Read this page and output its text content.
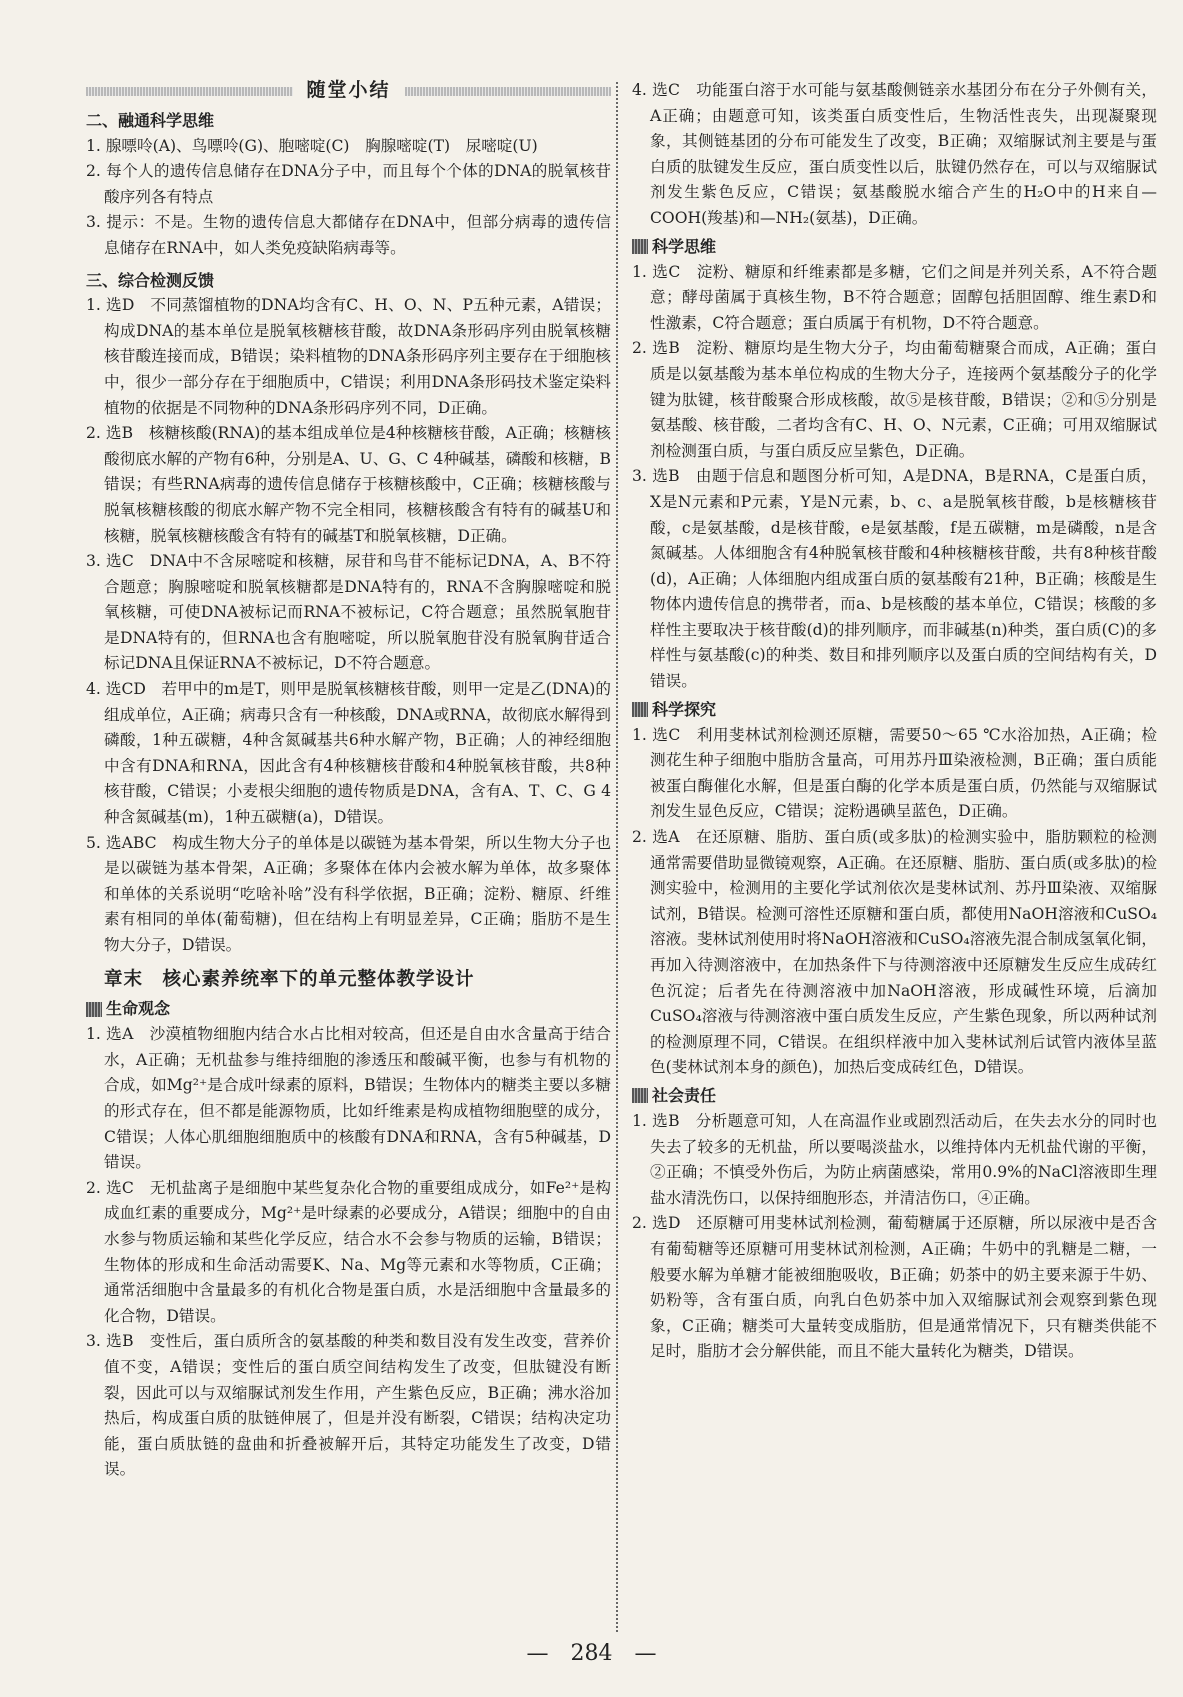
随堂小结
二、融通科学思维

1. 腺嘌呤(A)、鸟嘌呤(G)、胞嘧啶(C)　胸腺嘧啶(T)　尿嘧啶(U)

2. 每个人的遗传信息储存在DNA分子中，而且每个个体的DNA的脱氧核苷酸序列各有特点

3. 提示：不是。生物的遗传信息大都储存在DNA中，但部分病毒的遗传信息储存在RNA中，如人类免疫缺陷病毒等。

三、综合检测反馈

1. 选D　不同蒸馏植物的DNA均含有C、H、O、N、P五种元素，A错误；构成DNA的基本单位是脱氧核糖核苷酸，故DNA条形码序列由脱氧核糖核苷酸连接而成，B错误；染料植物的DNA条形码序列主要存在于细胞核中，很少一部分存在于细胞质中，C错误；利用DNA条形码技术鉴定染料植物的依据是不同物种的DNA条形码序列不同，D正确。

2. 选B　核糖核酸(RNA)的基本组成单位是4种核糖核苷酸，A正确；核糖核酸彻底水解的产物有6种，分别是A、U、G、C 4种碱基，磷酸和核糖，B错误；有些RNA病毒的遗传信息储存于核糖核酸中，C正确；核糖核酸与脱氧核糖核酸的彻底水解产物不完全相同，核糖核酸含有特有的碱基U和核糖，脱氧核糖核酸含有特有的碱基T和脱氧核糖，D正确。

3. 选C　DNA中不含尿嘧啶和核糖，尿苷和鸟苷不能标记DNA，A、B不符合题意；胸腺嘧啶和脱氧核糖都是DNA特有的，RNA不含胸腺嘧啶和脱氧核糖，可使DNA被标记而RNA不被标记，C符合题意；虽然脱氧胞苷是DNA特有的，但RNA也含有胞嘧啶，所以脱氧胞苷没有脱氧胸苷适合标记DNA且保证RNA不被标记，D不符合题意。

4. 选CD　若甲中的m是T，则甲是脱氧核糖核苷酸，则甲一定是乙(DNA)的组成单位，A正确；病毒只含有一种核酸，DNA或RNA，故彻底水解得到磷酸，1种五碳糖，4种含氮碱基共6种水解产物，B正确；人的神经细胞中含有DNA和RNA，因此含有4种核糖核苷酸和4种脱氧核苷酸，共8种核苷酸，C错误；小麦根尖细胞的遗传物质是DNA，含有A、T、C、G 4种含氮碱基(m)，1种五碳糖(a)，D错误。

5. 选ABC　构成生物大分子的单体是以碳链为基本骨架，所以生物大分子也是以碳链为基本骨架，A正确；多聚体在体内会被水解为单体，故多聚体和单体的关系说明“吃啥补啥”没有科学依据，B正确；淀粉、糖原、纤维素有相同的单体(葡萄糖)，但在结构上有明显差异，C正确；脂肪不是生物大分子，D错误。

章末　核心素养统率下的单元整体教学设计
生命观念

1. 选A　沙漠植物细胞内结合水占比相对较高，但还是自由水含量高于结合水，A正确；无机盐参与维持细胞的渗透压和酸碱平衡，也参与有机物的合成，如Mg²⁺是合成叶绿素的原料，B错误；生物体内的糖类主要以多糖的形式存在，但不都是能源物质，比如纤维素是构成植物细胞壁的成分，C错误；人体心肌细胞细胞质中的核酸有DNA和RNA，含有5种碱基，D错误。

2. 选C　无机盐离子是细胞中某些复杂化合物的重要组成成分，如Fe²⁺是构成血红素的重要成分，Mg²⁺是叶绿素的必要成分，A错误；细胞中的自由水参与物质运输和某些化学反应，结合水不会参与物质的运输，B错误；生物体的形成和生命活动需要K、Na、Mg等元素和水等物质，C正确；通常活细胞中含量最多的有机化合物是蛋白质，水是活细胞中含量最多的化合物，D错误。

3. 选B　变性后，蛋白质所含的氨基酸的种类和数目没有发生改变，营养价值不变，A错误；变性后的蛋白质空间结构发生了改变，但肽键没有断裂，因此可以与双缩脲试剂发生作用，产生紫色反应，B正确；沸水浴加热后，构成蛋白质的肽链伸展了，但是并没有断裂，C错误；结构决定功能，蛋白质肽链的盘曲和折叠被解开后，其特定功能发生了改变，D错误。

4. 选C　功能蛋白溶于水可能与氨基酸侧链亲水基团分布在分子外侧有关，A正确；由题意可知，该类蛋白质变性后，生物活性丧失，出现凝聚现象，其侧链基团的分布可能发生了改变，B正确；双缩脲试剂主要是与蛋白质的肽键发生反应，蛋白质变性以后，肽键仍然存在，可以与双缩脲试剂发生紫色反应，C错误；氨基酸脱水缩合产生的H₂O中的H来自—COOH(羧基)和—NH₂(氨基)，D正确。

科学思维

1. 选C　淀粉、糖原和纤维素都是多糖，它们之间是并列关系，A不符合题意；酵母菌属于真核生物，B不符合题意；固醇包括胆固醇、维生素D和性激素，C符合题意；蛋白质属于有机物，D不符合题意。

2. 选B　淀粉、糖原均是生物大分子，均由葡萄糖聚合而成，A正确；蛋白质是以氨基酸为基本单位构成的生物大分子，连接两个氨基酸分子的化学键为肽键，核苷酸聚合形成核酸，故⑤是核苷酸，B错误；②和⑤分别是氨基酸、核苷酸，二者均含有C、H、O、N元素，C正确；可用双缩脲试剂检测蛋白质，与蛋白质反应呈紫色，D正确。

3. 选B　由题于信息和题图分析可知，A是DNA，B是RNA，C是蛋白质，X是N元素和P元素，Y是N元素，b、c、a是脱氧核苷酸，b是核糖核苷酸，c是氨基酸，d是核苷酸，e是氨基酸，f是五碳糖，m是磷酸，n是含氮碱基。人体细胞含有4种脱氧核苷酸和4种核糖核苷酸，共有8种核苷酸(d)，A正确；人体细胞内组成蛋白质的氨基酸有21种，B正确；核酸是生物体内遗传信息的携带者，而a、b是核酸的基本单位，C错误；核酸的多样性主要取决于核苷酸(d)的排列顺序，而非碱基(n)种类，蛋白质(C)的多样性与氨基酸(c)的种类、数目和排列顺序以及蛋白质的空间结构有关，D错误。

科学探究

1. 选C　利用斐林试剂检测还原糖，需要50～65 ℃水浴加热，A正确；检测花生种子细胞中脂肪含量高，可用苏丹Ⅲ染液检测，B正确；蛋白质能被蛋白酶催化水解，但是蛋白酶的化学本质是蛋白质，仍然能与双缩脲试剂发生显色反应，C错误；淀粉遇碘呈蓝色，D正确。

2. 选A　在还原糖、脂肪、蛋白质(或多肽)的检测实验中，脂肪颗粒的检测通常需要借助显微镜观察，A正确。在还原糖、脂肪、蛋白质(或多肽)的检测实验中，检测用的主要化学试剂依次是斐林试剂、苏丹Ⅲ染液、双缩脲试剂，B错误。检测可溶性还原糖和蛋白质，都使用NaOH溶液和CuSO₄溶液。斐林试剂使用时将NaOH溶液和CuSO₄溶液先混合制成氢氧化铜，再加入待测溶液中，在加热条件下与待测溶液中还原糖发生反应生成砖红色沉淀；后者先在待测溶液中加NaOH溶液，形成碱性环境，后滴加CuSO₄溶液与待测溶液中蛋白质发生反应，产生紫色现象，所以两种试剂的检测原理不同，C错误。在组织样液中加入斐林试剂后试管内液体呈蓝色(斐林试剂本身的颜色)，加热后变成砖红色，D错误。

社会责任

1. 选B　分析题意可知，人在高温作业或剧烈活动后，在失去水分的同时也失去了较多的无机盐，所以要喝淡盐水，以维持体内无机盐代谢的平衡，②正确；不慎受外伤后，为防止病菌感染，常用0.9%的NaCl溶液即生理盐水清洗伤口，以保持细胞形态，并清洁伤口，④正确。

2. 选D　还原糖可用斐林试剂检测，葡萄糖属于还原糖，所以尿液中是否含有葡萄糖等还原糖可用斐林试剂检测，A正确；牛奶中的乳糖是二糖，一般要水解为单糖才能被细胞吸收，B正确；奶茶中的奶主要来源于牛奶、奶粉等，含有蛋白质，向乳白色奶茶中加入双缩脲试剂会观察到紫色现象，C正确；糖类可大量转变成脂肪，但是通常情况下，只有糖类供能不足时，脂肪才会分解供能，而且不能大量转化为糖类，D错误。

—　284　—
